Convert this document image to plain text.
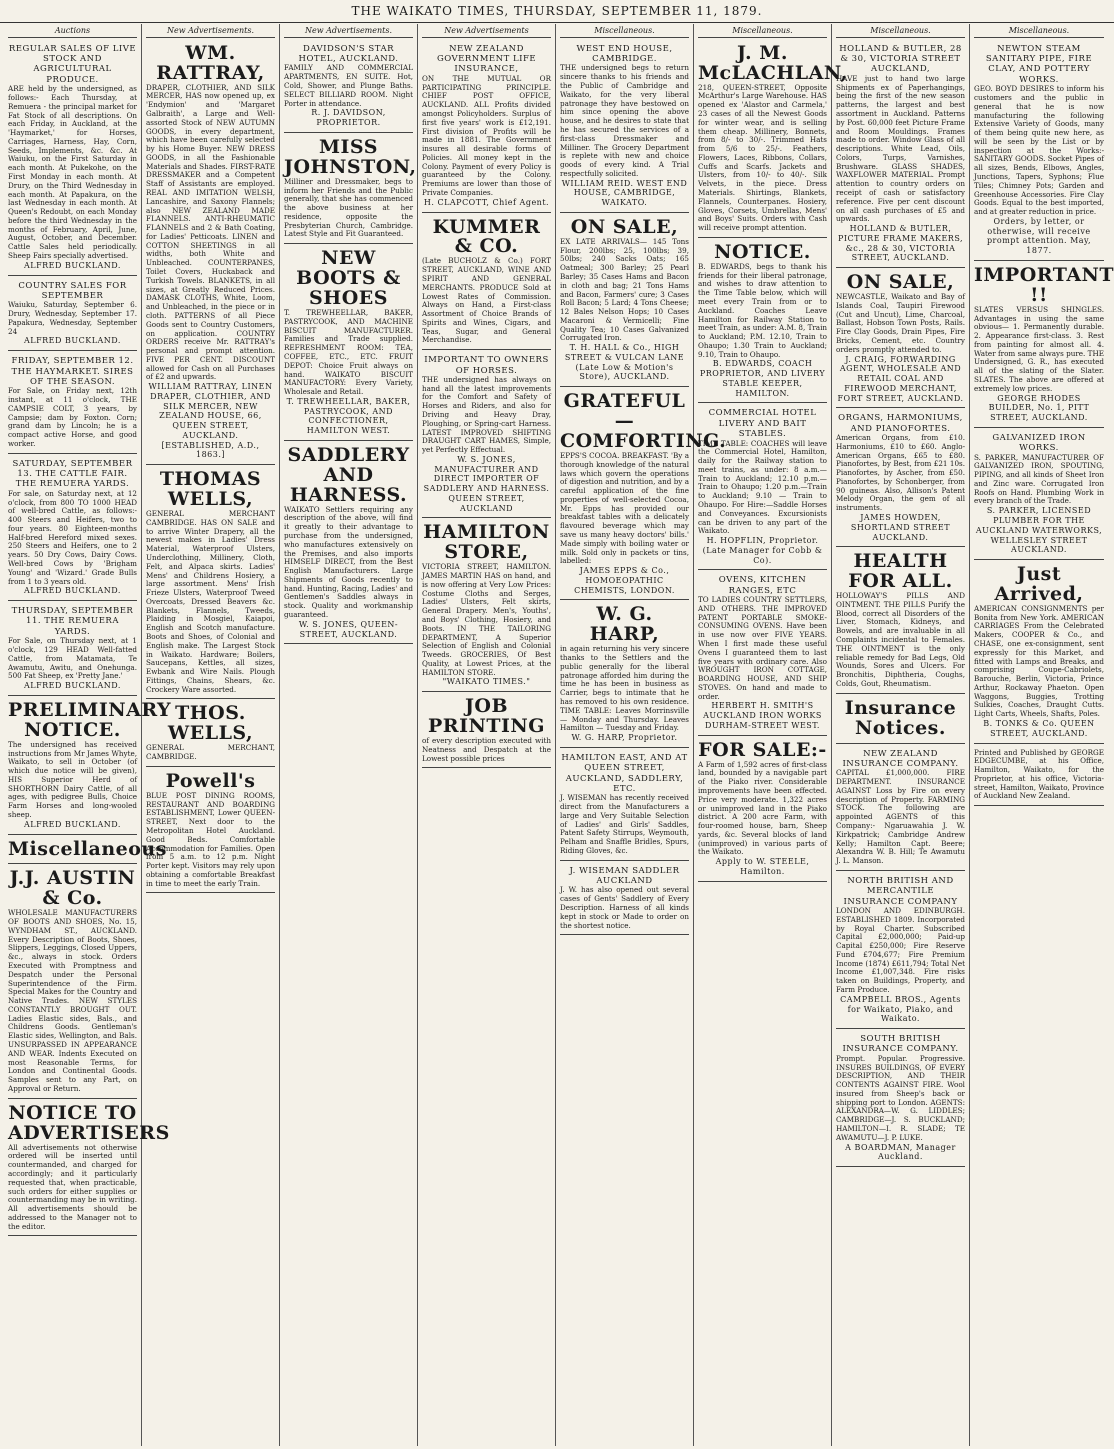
THE WAIKATO TIMES, THURSDAY, SEPTEMBER 11, 1879.
Auctions
REGULAR SALES OF LIVE STOCK AND AGRICULTURAL PRODUCE.
ARE held by the undersigned, as follows:- Each Thursday, at Remuera - the principal market for Fat Stock of all descriptions. On each Friday, in Auckland, at the 'Haymarket,' for Horses, Carriages, Harness, Hay, Corn, Seeds, Implements, &c. &c. At Waiuku, on the First Saturday in each month. At Pukekohe, on the First Monday in each month. At Drury, on the Third Wednesday in each month. At Papakura, on the last Wednesday in each month. At Queen's Redoubt, on each Monday before the third Wednesday in the months of February, April, June, August, October, and December. Cattle Sales held periodically. Sheep Fairs specially advertised.
ALFRED BUCKLAND.
COUNTRY SALES FOR SEPTEMBER
Waiuku, Saturday, September 6. Drury, Wednesday, September 17. Papakura, Wednesday, September 24
ALFRED BUCKLAND.
FRIDAY, SEPTEMBER 12. THE HAYMARKET. SIRES OF THE SEASON.
For Sale, on Friday next, 12th instant, at 11 o'clock, THE CAMPSIE COLT, 3 years, by Campsie; dam by Foxton. Corn; grand dam by Lincoln; he is a compact active Horse, and good worker.
SATURDAY, SEPTEMBER 13. THE CATTLE FAIR. THE REMUERA YARDS.
For sale, on Saturday next, at 12 o'clock, from 800 TO 1000 HEAD of well-bred Cattle, as follows:- 400 Steers and Heifers, two to four years. 80 Eighteen-months Half-bred Hereford mixed sexes. 250 Steers and Heifers, one to 2 years. 50 Dry Cows, Dairy Cows. Well-bred Cows by 'Brigham Young' and 'Wizard.' Grade Bulls from 1 to 3 years old.
ALFRED BUCKLAND.
THURSDAY, SEPTEMBER 11. THE REMUERA YARDS.
For Sale, on Thursday next, at 1 o'clock, 129 HEAD Well-fatted Cattle, from Matamata, Te Awamutu, Awitu, and Onehunga. 500 Fat Sheep, ex 'Pretty Jane.'
ALFRED BUCKLAND.
PRELIMINARY NOTICE.
The undersigned has received instructions from Mr James Whyte, Waikato, to sell in October (of which due notice will be given), HIS Superior Herd of SHORTHORN Dairy Cattle, of all ages, with pedigree Bulls, Choice Farm Horses and long-wooled sheep.
ALFRED BUCKLAND.
Miscellaneous
J.J. AUSTIN & Co.
WHOLESALE MANUFACTURERS OF BOOTS AND SHOES, No. 15, WYNDHAM ST., AUCKLAND. Every Description of Boots, Shoes, Slippers, Leggings, Closed Uppers, &c., always in stock. Orders Executed with Promptness and Despatch under the Personal Superintendence of the Firm. Special Makes for the Country and Native Trades. NEW STYLES CONSTANTLY BROUGHT OUT. Ladies Elastic sides, Bals., and Childrens Goods. Gentleman's Elastic sides, Wellington, and Bals. UNSURPASSED IN APPEARANCE AND WEAR. Indents Executed on most Reasonable Terms, for London and Continental Goods. Samples sent to any Part, on Approval or Return.
NOTICE TO ADVERTISERS
All advertisements not otherwise ordered will be inserted until countermanded, and charged for accordingly; and it particularly requested that, when practicable, such orders for either supplies or countermanding may be in writing. All advertisements should be addressed to the Manager not to the editor.
New Advertisements.
WM. RATTRAY,
DRAPER, CLOTHIER, AND SILK MERCER, HAS now opened up, ex 'Endymion' and 'Margaret Galbraith', a Large and Well-assorted Stock of NEW AUTUMN GOODS, in every department, which have been carefully selected by his Home Buyer. NEW DRESS GOODS, in all the Fashionable Materials and Shades. FIRST-RATE DRESSMAKER and a Competent Staff of Assistants are employed. REAL AND IMITATION WELSH, Lancashire, and Saxony Flannels; also NEW ZEALAND MADE FLANNELS. ANTI-RHEUMATIC FLANNELS and 2 & Bath Coating, for Ladies' Petticoats. LINEN and COTTON SHEETINGS in all widths, both White and Unbleached. COUNTERPANES, Toilet Covers, Huckaback and Turkish Towels. BLANKETS, in all sizes, at Greatly Reduced Prices. DAMASK CLOTHS, White, Loom, and Unbleached, in the piece or in cloth. PATTERNS of all Piece Goods sent to Country Customers, on application. COUNTRY ORDERS receive Mr. RATTRAY's personal and prompt attention. FIVE PER CENT. DISCOUNT allowed for Cash on all Purchases of £2 and upwards.
WILLIAM RATTRAY, LINEN DRAPER, CLOTHIER, AND SILK MERCER, NEW ZEALAND HOUSE, 66, QUEEN STREET, AUCKLAND. [ESTABLISHED, A.D., 1863.]
THOMAS WELLS,
GENERAL MERCHANT CAMBRIDGE. HAS ON SALE and to arrive Winter Drapery, all the newest makes in Ladies' Dress Material, Waterproof Ulsters, Underclothing, Millinery, Cloth, Felt, and Alpaca skirts. Ladies' Mens' and Childrens Hosiery, a large assortment. Mens' Irish Frieze Ulsters, Waterproof Tweed Overcoats, Dressed Beavers &c. Blankets, Flannels, Tweeds, Plaiding in Mosgiel, Kaiapoi, English and Scotch manufacture. Boots and Shoes, of Colonial and English make. The Largest Stock in Waikato. Hardware; Boilers, Saucepans, Kettles, all sizes, Ewbank and Wire Nails. Plough Fittings, Chains, Shears, &c. Crockery Ware assorted.
THOS. WELLS,
GENERAL MERCHANT, CAMBRIDGE.
Powell's
BLUE POST DINING ROOMS, RESTAURANT AND BOARDING ESTABLISHMENT, Lower QUEEN-STREET, Next door to the Metropolitan Hotel Auckland. Good Beds. Comfortable Accommodation for Families. Open from 5 a.m. to 12 p.m. Night Porter kept. Visitors may rely upon obtaining a comfortable Breakfast in time to meet the early Train.
New Advertisements.
DAVIDSON'S STAR HOTEL, AUCKLAND.
FAMILY AND COMMERCIAL APARTMENTS, EN SUITE. Hot, Cold, Shower, and Plunge Baths. SELECT BILLIARD ROOM. Night Porter in attendance.
R. J. DAVIDSON, PROPRIETOR.
MISS JOHNSTON,
Milliner and Dressmaker, begs to inform her Friends and the Public generally, that she has commenced the above business at her residence, opposite the Presbyterian Church, Cambridge. Latest Style and Fit Guaranteed.
NEW BOOTS & SHOES
T. TREWHEELLAR, BAKER, PASTRYCOOK, AND MACHINE BISCUIT MANUFACTURER. Families and Trade supplied. REFRESHMENT ROOM: TEA, COFFEE, ETC., ETC. FRUIT DEPOT: Choice Fruit always on hand. WAIKATO BISCUIT MANUFACTORY: Every Variety, Wholesale and Retail.
T. TREWHEELLAR, BAKER, PASTRYCOOK, AND CONFECTIONER, HAMILTON WEST.
SADDLERY AND HARNESS.
WAIKATO Settlers requiring any description of the above, will find it greatly to their advantage to purchase from the undersigned, who manufactures extensively on the Premises, and also imports HIMSELF DIRECT, from the Best English Manufacturers. Large Shipments of Goods recently to hand. Hunting, Racing, Ladies' and Gentlemen's Saddles always in stock. Quality and workmanship guaranteed.
W. S. JONES, QUEEN-STREET, AUCKLAND.
New Advertisements
NEW ZEALAND GOVERNMENT LIFE INSURANCE,
ON THE MUTUAL OR PARTICIPATING PRINCIPLE. CHIEF POST OFFICE, AUCKLAND. ALL Profits divided amongst Policyholders. Surplus of first five years' work is £12,191. First division of Profits will be made in 1881. The Government insures all desirable forms of Policies. All money kept in the Colony. Payment of every Policy is guaranteed by the Colony. Premiums are lower than those of Private Companies.
H. CLAPCOTT, Chief Agent.
KUMMER & CO.
(Late BUCHOLZ & Co.) FORT STREET, AUCKLAND, WINE AND SPIRIT AND GENERAL MERCHANTS. PRODUCE Sold at Lowest Rates of Commission. Always on Hand, a First-class Assortment of Choice Brands of Spirits and Wines, Cigars, and Teas, Sugar, and General Merchandise.
IMPORTANT TO OWNERS OF HORSES.
THE undersigned has always on hand all the latest improvements for the Comfort and Safety of Horses and Riders, and also for Driving and Heavy Dray, Ploughing, or Spring-cart Harness. LATEST IMPROVED SHIFTING DRAUGHT CART HAMES, Simple, yet Perfectly Effectual.
W. S. JONES, MANUFACTURER AND DIRECT IMPORTER OF SADDLERY AND HARNESS. QUEEN STREET, AUCKLAND
HAMILTON STORE,
VICTORIA STREET, HAMILTON. JAMES MARTIN HAS on hand, and is now offering at Very Low Prices: Costume Cloths and Serges, Ladies' Ulsters, Felt skirts, General Drapery. Men's, Youths', and Boys' Clothing, Hosiery, and Boots. IN THE TAILORING DEPARTMENT, A Superior Selection of English and Colonial Tweeds. GROCERIES, Of Best Quality, at Lowest Prices, at the HAMILTON STORE.
"WAIKATO TIMES."
JOB PRINTING
of every description executed with Neatness and Despatch at the Lowest possible prices
Miscellaneous.
WEST END HOUSE, CAMBRIDGE.
THE undersigned begs to return sincere thanks to his friends and the Public of Cambridge and Waikato, for the very liberal patronage they have bestowed on him since opening the above house, and he desires to state that he has secured the services of a first-class Dressmaker and Milliner. The Grocery Department is replete with new and choice goods of every kind. A Trial respectfully solicited.
WILLIAM REID. WEST END HOUSE, CAMBRIDGE, WAIKATO.
ON SALE,
EX LATE ARRIVALS— 145 Tons Flour, 200lbs; 25, 100lbs; 39, 50lbs; 240 Sacks Oats; 165 Oatmeal; 300 Barley; 25 Pearl Barley; 35 Cases Hams and Bacon in cloth and bag; 21 Tons Hams and Bacon, Farmers' cure; 3 Cases Roll Bacon; 5 Lard; 4 Tons Cheese; 12 Bales Nelson Hops; 10 Cases Macaroni & Vermicelli; Fine Quality Tea; 10 Cases Galvanized Corrugated Iron.
T. H. HALL & Co., HIGH STREET & VULCAN LANE (Late Low & Motion's Store), AUCKLAND.
GRATEFUL—COMFORTING.
EPPS'S COCOA. BREAKFAST. 'By a thorough knowledge of the natural laws which govern the operations of digestion and nutrition, and by a careful application of the fine properties of well-selected Cocoa, Mr. Epps has provided our breakfast tables with a delicately flavoured beverage which may save us many heavy doctors' bills.' Made simply with boiling water or milk. Sold only in packets or tins, labelled:
JAMES EPPS & Co., HOMOEOPATHIC CHEMISTS, LONDON.
W. G. HARP,
in again returning his very sincere thanks to the Settlers and the public generally for the liberal patronage afforded him during the time he has been in business as Carrier, begs to intimate that he has removed to his own residence. TIME TABLE: Leaves Morrinsville — Monday and Thursday. Leaves Hamilton — Tuesday and Friday.
W. G. HARP, Proprietor.
HAMILTON EAST, AND AT QUEEN STREET, AUCKLAND, SADDLERY, ETC.
J. WISEMAN has recently received direct from the Manufacturers a large and Very Suitable Selection of Ladies' and Girls' Saddles, Patent Safety Stirrups, Weymouth, Pelham and Snaffle Bridles, Spurs, Riding Gloves, &c.
J. WISEMAN SADDLER AUCKLAND
J. W. has also opened out several cases of Gents' Saddlery of Every Description. Harness of all kinds kept in stock or Made to order on the shortest notice.
Miscellaneous.
J. M. McLACHLAN,
218, QUEEN-STREET, Opposite McArthur's Large Warehouse. HAS opened ex 'Alastor and Carmela,' 23 cases of all the Newest Goods for winter wear, and is selling them cheap. Millinery, Bonnets, from 8/- to 30/-. Trimmed Hats from 5/6 to 25/-. Feathers, Flowers, Laces, Ribbons, Collars, Cuffs and Scarfs. Jackets and Ulsters, from 10/- to 40/-. Silk Velvets, in the piece. Dress Materials. Shirtings, Blankets, Flannels, Counterpanes. Hosiery, Gloves, Corsets, Umbrellas, Mens' and Boys' Suits. Orders with Cash will receive prompt attention.
NOTICE.
B. EDWARDS, begs to thank his friends for their liberal patronage, and wishes to draw attention to the Time Table below, which will meet every Train from or to Auckland. Coaches Leave Hamilton for Railway Station to meet Train, as under: A.M. 8, Train to Auckland; P.M. 12.10, Train to Ohaupo; 1.30 Train to Auckland; 9.10, Train to Ohaupo.
B. EDWARDS, COACH PROPRIETOR, AND LIVERY STABLE KEEPER, HAMILTON.
COMMERCIAL HOTEL LIVERY AND BAIT STABLES.
TIME TABLE: COACHES will leave the Commercial Hotel, Hamilton, daily for the Railway station to meet trains, as under: 8 a.m.—Train to Auckland; 12.10 p.m.—Train to Ohaupo; 1.20 p.m.—Train to Auckland; 9.10 — Train to Ohaupo. For Hire:—Saddle Horses and Conveyances. Excursionists can be driven to any part of the Waikato.
H. HOPFLIN, Proprietor. (Late Manager for Cobb & Co).
OVENS, KITCHEN RANGES, ETC
TO LADIES COUNTRY SETTLERS, AND OTHERS. THE IMPROVED PATENT PORTABLE SMOKE-CONSUMING OVENS. Have been in use now over FIVE YEARS. When I first made these useful Ovens I guaranteed them to last five years with ordinary care. Also WROUGHT IRON COTTAGE, BOARDING HOUSE, AND SHIP STOVES. On hand and made to order.
HERBERT H. SMITH'S AUCKLAND IRON WORKS DURHAM-STREET WEST.
FOR SALE:-
A Farm of 1,592 acres of first-class land, bounded by a navigable part of the Piako river. Considerable improvements have been effected. Price very moderate. 1,322 acres or unimproved land in the Piako district. A 200 acre Farm, with four-roomed house, barn, Sheep yards, &c. Several blocks of land (unimproved) in various parts of the Waikato.
Apply to W. STEELE, Hamilton.
Miscellaneous.
HOLLAND & BUTLER, 28 & 30, VICTORIA STREET AUCKLAND,
HAVE just to hand two large Shipments ex of Paperhangings, being the first of the new season patterns, the largest and best assortment in Auckland. Patterns by Post. 60,000 feet Picture Frame and Room Mouldings. Frames made to order. Window Glass of all descriptions. White Lead, Oils, Colors, Turps, Varnishes, Brushware. GLASS SHADES, WAXFLOWER MATERIAL. Prompt attention to country orders on receipt of cash or satisfactory reference. Five per cent discount on all cash purchases of £5 and upwards.
HOLLAND & BUTLER, PICTURE FRAME MAKERS, &c., 28 & 30, VICTORIA STREET, AUCKLAND.
ON SALE,
NEWCASTLE, Waikato and Bay of Islands Coal, Taupiri Firewood (Cut and Uncut), Lime, Charcoal, Ballast, Hobson Town Posts, Rails. Fire Clay Goods, Drain Pipes, Fire Bricks, Cement, etc. Country orders promptly attended to.
J. CRAIG, FORWARDING AGENT, WHOLESALE AND RETAIL COAL AND FIREWOOD MERCHANT, FORT STREET, AUCKLAND.
ORGANS, HARMONIUMS, AND PIANOFORTES.
American Organs, from £10. Harmoniums, £10 to £60. Anglo-American Organs, £65 to £80. Pianofortes, by Best, from £21 10s. Pianofortes, by Ascher, from £50. Pianofortes, by Schonberger, from 90 guineas. Also, Allison's Patent Melody Organ, the gem of all instruments.
JAMES HOWDEN, SHORTLAND STREET AUCKLAND.
HEALTH FOR ALL.
HOLLOWAY'S PILLS AND OINTMENT. THE PILLS Purify the Blood, correct all Disorders of the Liver, Stomach, Kidneys, and Bowels, and are invaluable in all Complaints incidental to Females. THE OINTMENT is the only reliable remedy for Bad Legs, Old Wounds, Sores and Ulcers. For Bronchitis, Diphtheria, Coughs, Colds, Gout, Rheumatism.
Insurance Notices.
NEW ZEALAND INSURANCE COMPANY.
CAPITAL £1,000,000. FIRE DEPARTMENT. INSURANCE AGAINST Loss by Fire on every description of Property. FARMING STOCK. The following are appointed AGENTS of this Company:- Ngaruawahia J. W. Kirkpatrick; Cambridge Andrew Kelly; Hamilton Capt. Beere; Alexandra W. B. Hill; Te Awamutu J. L. Manson.
NORTH BRITISH AND MERCANTILE INSURANCE COMPANY
LONDON AND EDINBURGH. ESTABLISHED 1809. Incorporated by Royal Charter. Subscribed Capital £2,000,000; Paid-up Capital £250,000; Fire Reserve Fund £704,677; Fire Premium Income (1874) £611,794; Total Net Income £1,007,348. Fire risks taken on Buildings, Property, and Farm Produce.
CAMPBELL BROS., Agents for Waikato, Piako, and Waikato.
SOUTH BRITISH INSURANCE COMPANY.
Prompt. Popular. Progressive. INSURES BUILDINGS, OF EVERY DESCRIPTION, AND THEIR CONTENTS AGAINST FIRE. Wool insured from Sheep's back or shipping port to London. AGENTS: ALEXANDRA—W. G. LIDDLES; CAMBRIDGE—J. S. BUCKLAND; HAMILTON—I. R. SLADE; TE AWAMUTU—J. P. LUKE.
A BOARDMAN, Manager Auckland.
Miscellaneous.
NEWTON STEAM SANITARY PIPE, FIRE CLAY, AND POTTERY WORKS.
GEO. BOYD DESIRES to inform his customers and the public in general that he is now manufacturing the following Extensive Variety of Goods, many of them being quite new here, as will be seen by the List or by inspection at the Works:- SANITARY GOODS. Socket Pipes of all sizes, Bends, Elbows, Angles, Junctions, Tapers, Syphons; Flue Tiles; Chimney Pots; Garden and Greenhouse Accessories. Fire Clay Goods. Equal to the best imported, and at greater reduction in price.
Orders, by letter, or otherwise, will receive prompt attention. May, 1877.
IMPORTANT !!
SLATES VERSUS SHINGLES. Advantages in using the same obvious— 1. Permanently durable. 2. Appearance first-class. 3. Rest from painting for almost all. 4. Water from same always pure. THE Undersigned, G. R., has executed all of the slating of the Slater. SLATES. The above are offered at extremely low prices.
GEORGE RHODES BUILDER, No. 1, PITT STREET, AUCKLAND.
GALVANIZED IRON WORKS.
S. PARKER, MANUFACTURER OF GALVANIZED IRON, SPOUTING, PIPING, and all kinds of Sheet Iron and Zinc ware. Corrugated Iron Roofs on Hand. Plumbing Work in every branch of the Trade.
S. PARKER, LICENSED PLUMBER FOR THE AUCKLAND WATERWORKS, WELLESLEY STREET AUCKLAND.
Just Arrived,
AMERICAN CONSIGNMENTS per Bonita from New York. AMERICAN CARRIAGES From the Celebrated Makers, COOPER & Co., and CHASE, one ex-consignment, sent expressly for this Market, and fitted with Lamps and Breaks, and comprising Coupe-Cabriolets, Barouche, Berlin, Victoria, Prince Arthur, Rockaway Phaeton. Open Waggons, Buggies, Trotting Sulkies, Coaches, Draught Cutts. Light Carts, Wheels, Shafts, Poles.
B. TONKS & Co. QUEEN STREET, AUCKLAND.
Printed and Published by GEORGE EDGECUMBE, at his Office, Hamilton, Waikato, for the Proprietor, at his office, Victoria-street, Hamilton, Waikato, Province of Auckland New Zealand.
